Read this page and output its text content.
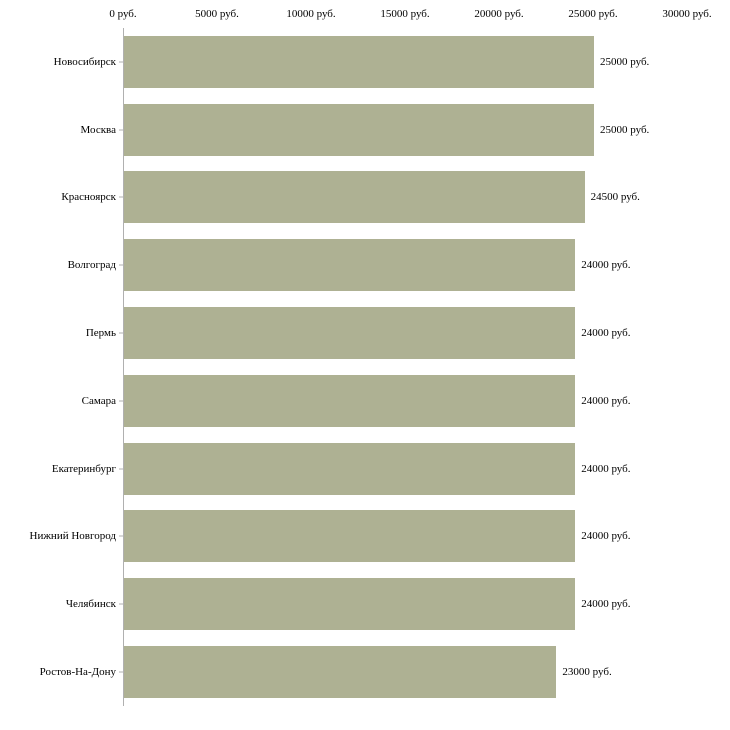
0 руб.	5000 руб.	10000 руб.	15000 руб.	20000 руб.	25000 руб.	30000 руб.
Новосибирск	25000 руб.
Москва	25000 руб.
Красноярск	24500 руб.
Волгоград	24000 руб.
Пермь	24000 руб.
Самара	24000 руб.
Екатеринбург	24000 руб.
Нижний Новгород	24000 руб.
Челябинск	24000 руб.
Ростов-На-Дону	23000 руб.
